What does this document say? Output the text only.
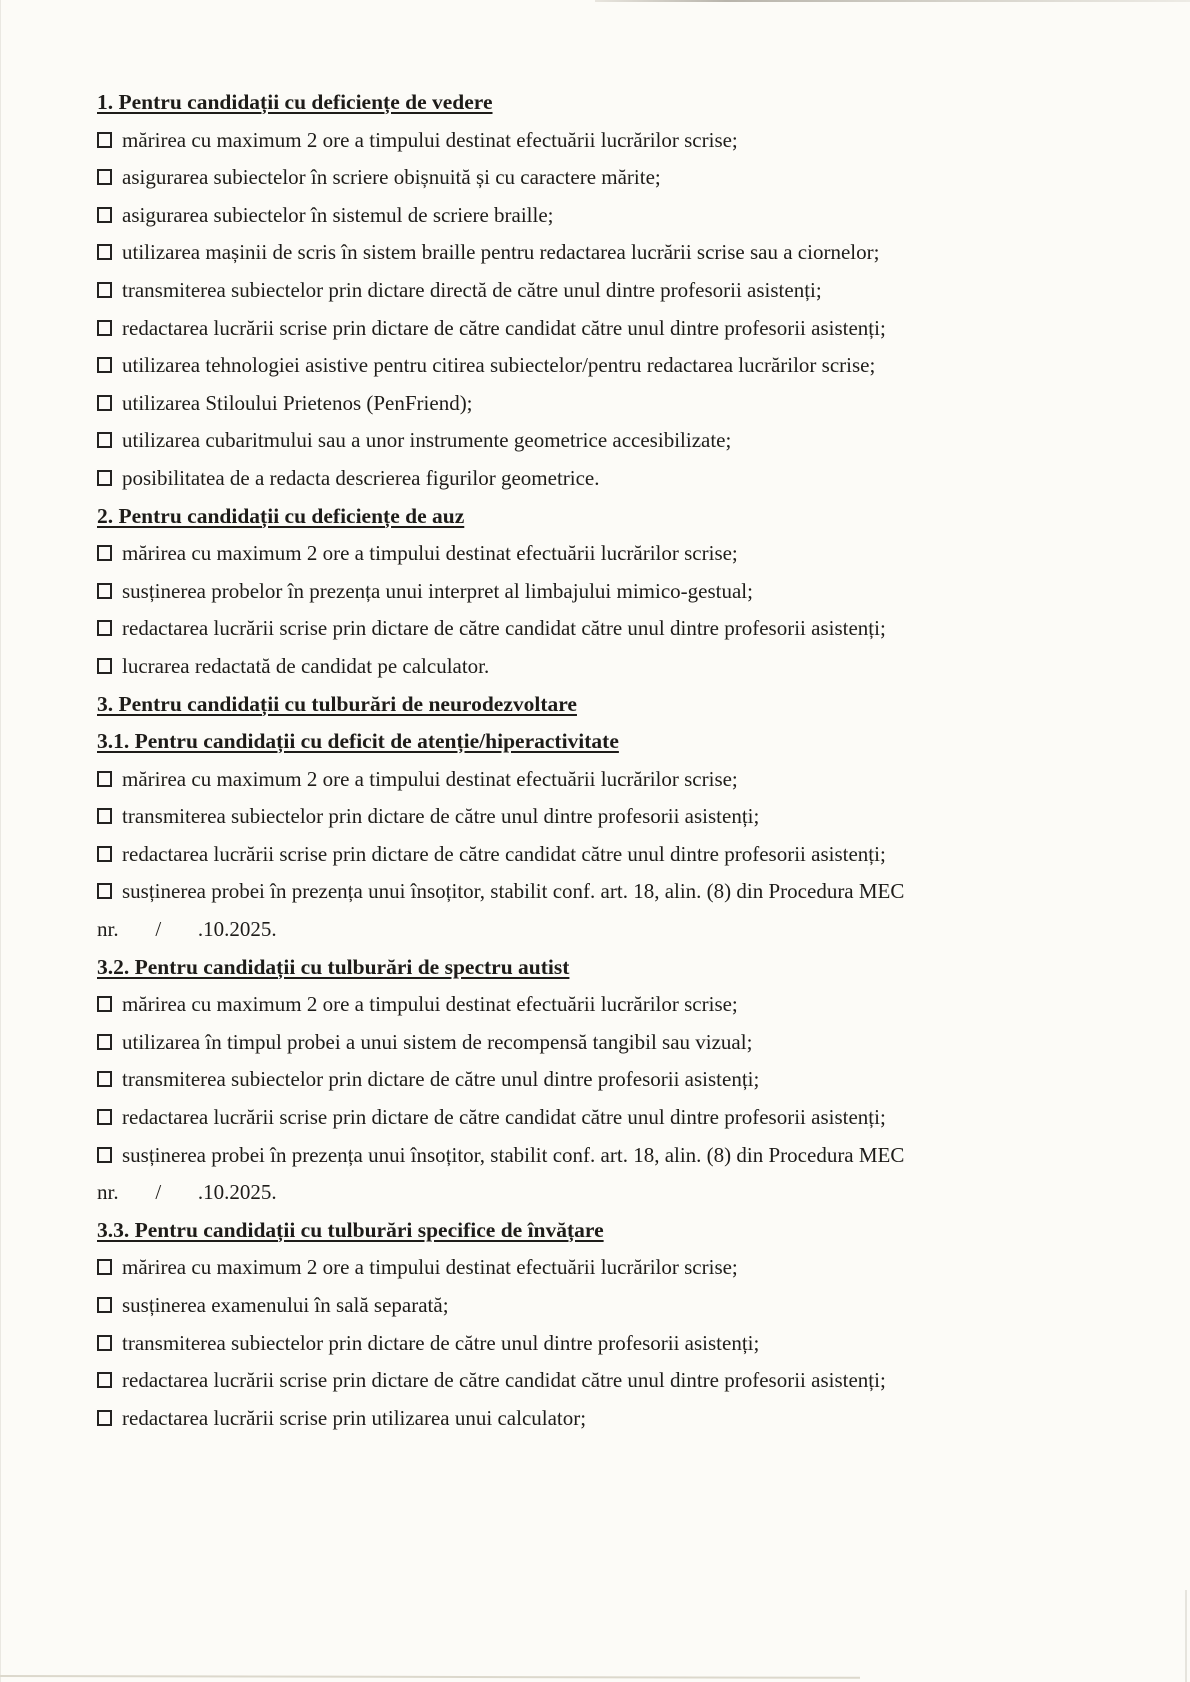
1. Pentru candidații cu deficiențe de vedere
mărirea cu maximum 2 ore a timpului destinat efectuării lucrărilor scrise;
asigurarea subiectelor în scriere obișnuită și cu caractere mărite;
asigurarea subiectelor în sistemul de scriere braille;
utilizarea mașinii de scris în sistem braille pentru redactarea lucrării scrise sau a ciornelor;
transmiterea subiectelor prin dictare directă de către unul dintre profesorii asistenți;
redactarea lucrării scrise prin dictare de către candidat către unul dintre profesorii asistenți;
utilizarea tehnologiei asistive pentru citirea subiectelor/pentru redactarea lucrărilor scrise;
utilizarea Stiloului Prietenos (PenFriend);
utilizarea cubaritmului sau a unor instrumente geometrice accesibilizate;
posibilitatea de a redacta descrierea figurilor geometrice.
2. Pentru candidații cu deficiențe de auz
mărirea cu maximum 2 ore a timpului destinat efectuării lucrărilor scrise;
susținerea probelor în prezența unui interpret al limbajului mimico-gestual;
redactarea lucrării scrise prin dictare de către candidat către unul dintre profesorii asistenți;
lucrarea redactată de candidat pe calculator.
3. Pentru candidații cu tulburări de neurodezvoltare
3.1. Pentru candidații cu deficit de atenție/hiperactivitate
mărirea cu maximum 2 ore a timpului destinat efectuării lucrărilor scrise;
transmiterea subiectelor prin dictare de către unul dintre profesorii asistenți;
redactarea lucrării scrise prin dictare de către candidat către unul dintre profesorii asistenți;
susținerea probei în prezența unui însoțitor, stabilit conf. art. 18, alin. (8) din Procedura MEC
nr.       /       .10.2025.
3.2. Pentru candidații cu tulburări de spectru autist
mărirea cu maximum 2 ore a timpului destinat efectuării lucrărilor scrise;
utilizarea în timpul probei a unui sistem de recompensă tangibil sau vizual;
transmiterea subiectelor prin dictare de către unul dintre profesorii asistenți;
redactarea lucrării scrise prin dictare de către candidat către unul dintre profesorii asistenți;
susținerea probei în prezența unui însoțitor, stabilit conf. art. 18, alin. (8) din Procedura MEC
nr.       /       .10.2025.
3.3. Pentru candidații cu tulburări specifice de învățare
mărirea cu maximum 2 ore a timpului destinat efectuării lucrărilor scrise;
susținerea examenului în sală separată;
transmiterea subiectelor prin dictare de către unul dintre profesorii asistenți;
redactarea lucrării scrise prin dictare de către candidat către unul dintre profesorii asistenți;
redactarea lucrării scrise prin utilizarea unui calculator;
